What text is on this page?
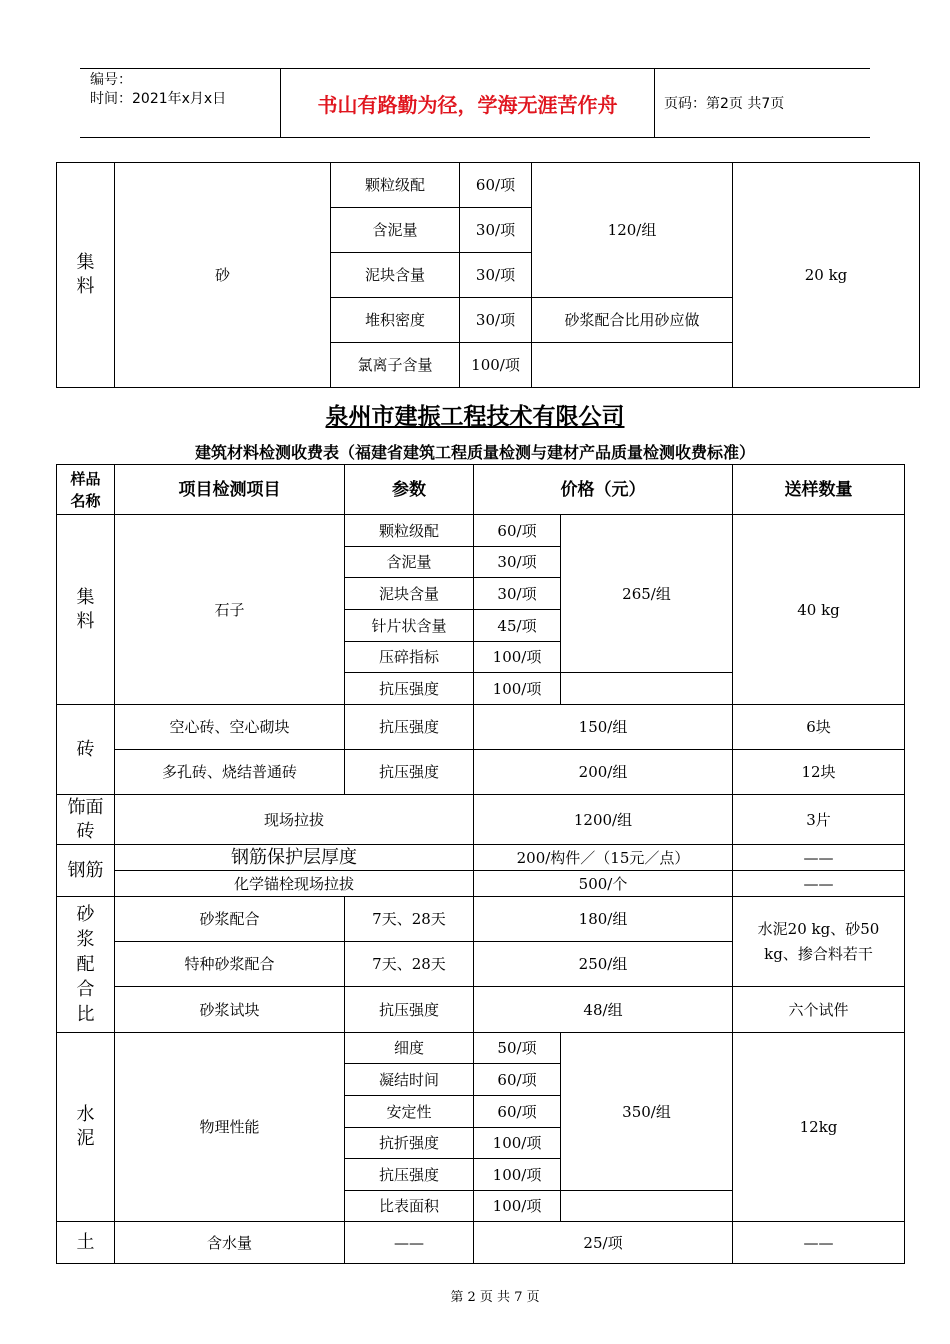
编号：
时间：2021年x月x日	书山有路勤为径，学海无涯苦作舟	页码：第2页 共7页
集
料	砂	颗粒级配	60/项	120/组	20 kg
		含泥量	30/项		
		泥块含量	30/项		
		堆积密度	30/项	砂浆配合比用砂应做	
		氯离子含量	100/项		
泉州市建振工程技术有限公司
建筑材料检测收费表（福建省建筑工程质量检测与建材产品质量检测收费标准）
样品
名称	项目检测项目	参数	价格（元）		送样数量
集
料	石子	颗粒级配	60/项	265/组	40 kg
		含泥量	30/项		
		泥块含量	30/项		
		针片状含量	45/项		
		压碎指标	100/项		
		抗压强度	100/项		
砖	空心砖、空心砌块	抗压强度	150/组		6块
	多孔砖、烧结普通砖	抗压强度	200/组		12块
饰面
砖	现场拉拔		1200/组		3片
钢筋	钢筋保护层厚度		200/构件／（15元／点）		——
	化学锚栓现场拉拔		500/个		——
砂
浆
配
合
比	砂浆配合	7天、28天	180/组		水泥20 kg、砂50 kg、掺合料若干
	特种砂浆配合	7天、28天	250/组		
	砂浆试块	抗压强度	48/组		六个试件
水
泥	物理性能	细度	50/项	350/组	12kg
		凝结时间	60/项		
		安定性	60/项		
		抗折强度	100/项		
		抗压强度	100/项		
		比表面积	100/项		
土	含水量	——	25/项		——
第 2 页 共 7 页
